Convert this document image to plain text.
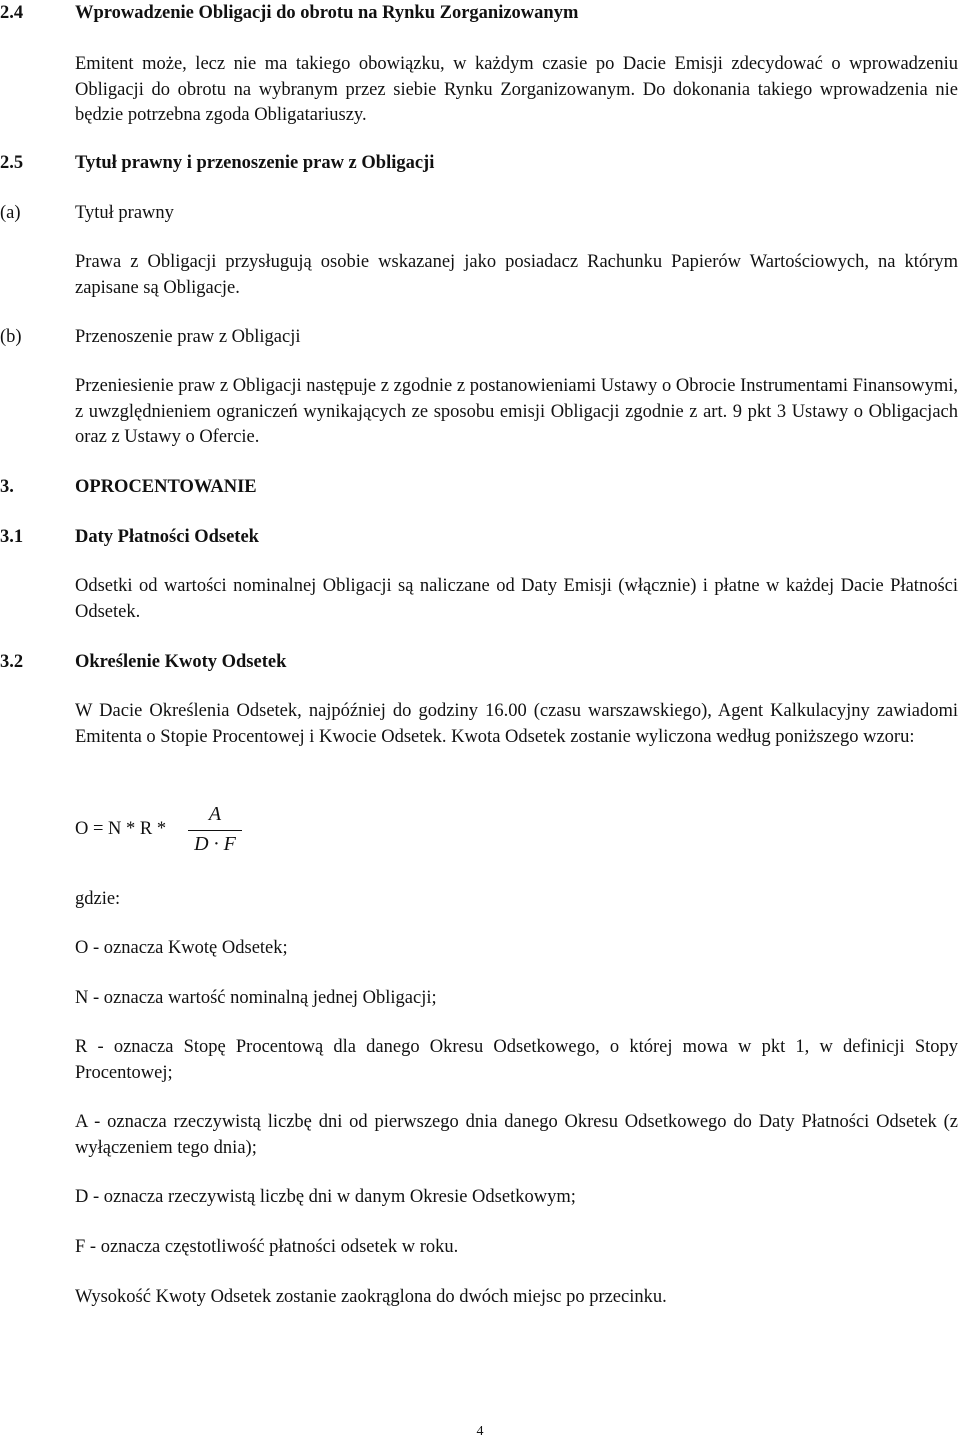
2.4	Wprowadzenie Obligacji do obrotu na Rynku Zorganizowanym
Emitent może, lecz nie ma takiego obowiązku, w każdym czasie po Dacie Emisji zdecydować o wprowadzeniu Obligacji do obrotu na wybranym przez siebie Rynku Zorganizowanym. Do dokonania takiego wprowadzenia nie będzie potrzebna zgoda Obligatariuszy.
2.5	Tytuł prawny i przenoszenie praw z Obligacji
(a)	Tytuł prawny
Prawa z Obligacji przysługują osobie wskazanej jako posiadacz Rachunku Papierów Wartościowych, na którym zapisane są Obligacje.
(b)	Przenoszenie praw z Obligacji
Przeniesienie praw z Obligacji następuje z zgodnie z postanowieniami Ustawy o Obrocie Instrumentami Finansowymi, z uwzględnieniem ograniczeń wynikających ze sposobu emisji Obligacji zgodnie z art. 9 pkt 3 Ustawy o Obligacjach oraz z Ustawy o Ofercie.
3.	OPROCENTOWANIE
3.1	Daty Płatności Odsetek
Odsetki od wartości nominalnej Obligacji są naliczane od Daty Emisji (włącznie) i płatne w każdej Dacie Płatności Odsetek.
3.2	Określenie Kwoty Odsetek
W Dacie Określenia Odsetek, najpóźniej do godziny 16.00 (czasu warszawskiego), Agent Kalkulacyjny zawiadomi Emitenta o Stopie Procentowej i Kwocie Odsetek. Kwota Odsetek zostanie wyliczona według poniższego wzoru:
O = N * R *
A
D · F
gdzie:
O - oznacza Kwotę Odsetek;
N - oznacza wartość nominalną jednej Obligacji;
R - oznacza Stopę Procentową dla danego Okresu Odsetkowego, o której mowa w pkt 1, w definicji Stopy Procentowej;
A - oznacza rzeczywistą liczbę dni od pierwszego dnia danego Okresu Odsetkowego do Daty Płatności Odsetek (z wyłączeniem tego dnia);
D - oznacza rzeczywistą liczbę dni w danym Okresie Odsetkowym;
F - oznacza częstotliwość płatności odsetek w roku.
Wysokość Kwoty Odsetek zostanie zaokrąglona do dwóch miejsc po przecinku.
4
